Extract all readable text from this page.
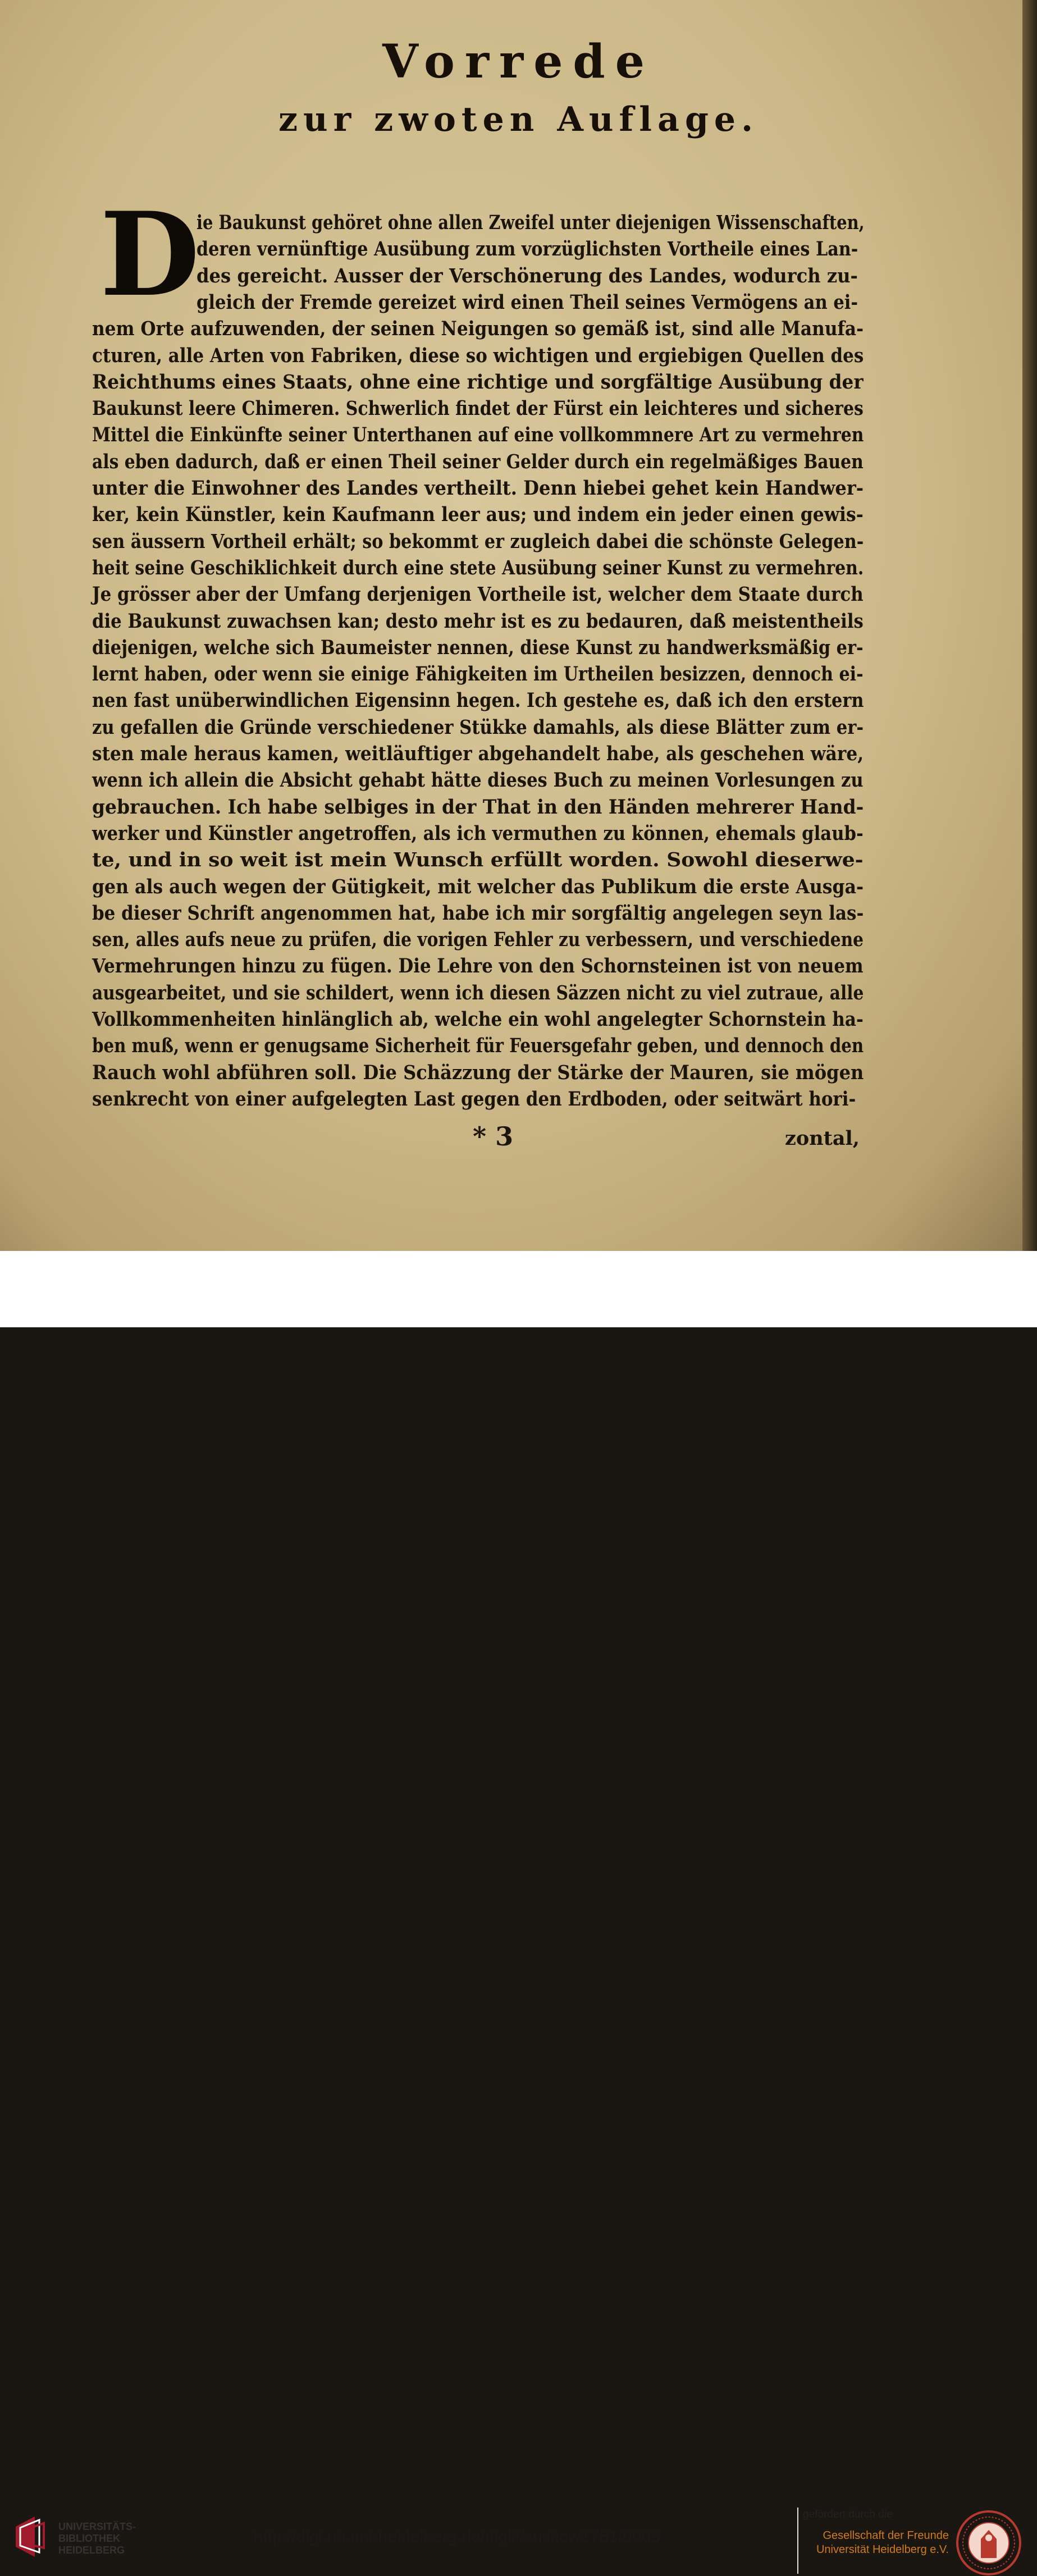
Vorrede
zur zwoten Auflage.
D
ie Baukunst gehöret ohne allen Zweifel unter diejenigen Wissenschaften,
deren vernünftige Ausübung zum vorzüglichsten Vortheile eines Lan-
des gereicht. Ausser der Verschönerung des Landes, wodurch zu-
gleich der Fremde gereizet wird einen Theil seines Vermögens an ei-
nem Orte aufzuwenden, der seinen Neigungen so gemäß ist, sind alle Manufa-
cturen, alle Arten von Fabriken, diese so wichtigen und ergiebigen Quellen des
Reichthums eines Staats, ohne eine richtige und sorgfältige Ausübung der
Baukunst leere Chimeren. Schwerlich findet der Fürst ein leichteres und sicheres
Mittel die Einkünfte seiner Unterthanen auf eine vollkommnere Art zu vermehren
als eben dadurch, daß er einen Theil seiner Gelder durch ein regelmäßiges Bauen
unter die Einwohner des Landes vertheilt. Denn hiebei gehet kein Handwer-
ker, kein Künstler, kein Kaufmann leer aus; und indem ein jeder einen gewis-
sen äussern Vortheil erhält; so bekommt er zugleich dabei die schönste Gelegen-
heit seine Geschiklichkeit durch eine stete Ausübung seiner Kunst zu vermehren.
Je grösser aber der Umfang derjenigen Vortheile ist, welcher dem Staate durch
die Baukunst zuwachsen kan; desto mehr ist es zu bedauren, daß meistentheils
diejenigen, welche sich Baumeister nennen, diese Kunst zu handwerksmäßig er-
lernt haben, oder wenn sie einige Fähigkeiten im Urtheilen besizzen, dennoch ei-
nen fast unüberwindlichen Eigensinn hegen. Ich gestehe es, daß ich den erstern
zu gefallen die Gründe verschiedener Stükke damahls, als diese Blätter zum er-
sten male heraus kamen, weitläuftiger abgehandelt habe, als geschehen wäre,
wenn ich allein die Absicht gehabt hätte dieses Buch zu meinen Vorlesungen zu
gebrauchen. Ich habe selbiges in der That in den Händen mehrerer Hand-
werker und Künstler angetroffen, als ich vermuthen zu können, ehemals glaub-
te, und in so weit ist mein Wunsch erfüllt worden. Sowohl dieserwe-
gen als auch wegen der Gütigkeit, mit welcher das Publikum die erste Ausga-
be dieser Schrift angenommen hat, habe ich mir sorgfältig angelegen seyn las-
sen, alles aufs neue zu prüfen, die vorigen Fehler zu verbessern, und verschiedene
Vermehrungen hinzu zu fügen. Die Lehre von den Schornsteinen ist von neuem
ausgearbeitet, und sie schildert, wenn ich diesen Säzzen nicht zu viel zutraue, alle
Vollkommenheiten hinlänglich ab, welche ein wohl angelegter Schornstein ha-
ben muß, wenn er genugsame Sicherheit für Feuersgefahr geben, und dennoch den
Rauch wohl abführen soll. Die Schäzzung der Stärke der Mauren, sie mögen
senkrecht von einer aufgelegten Last gegen den Erdboden, oder seitwärt hori-
* 3	zontal,
UNIVERSITÄTS-
BIBLIOTHEK
HEIDELBERG
http://digi.ub.uni-heidelberg.de/diglit/suckow1781/0005
gefördert durch die
Gesellschaft der Freunde
Universität Heidelberg e.V.
